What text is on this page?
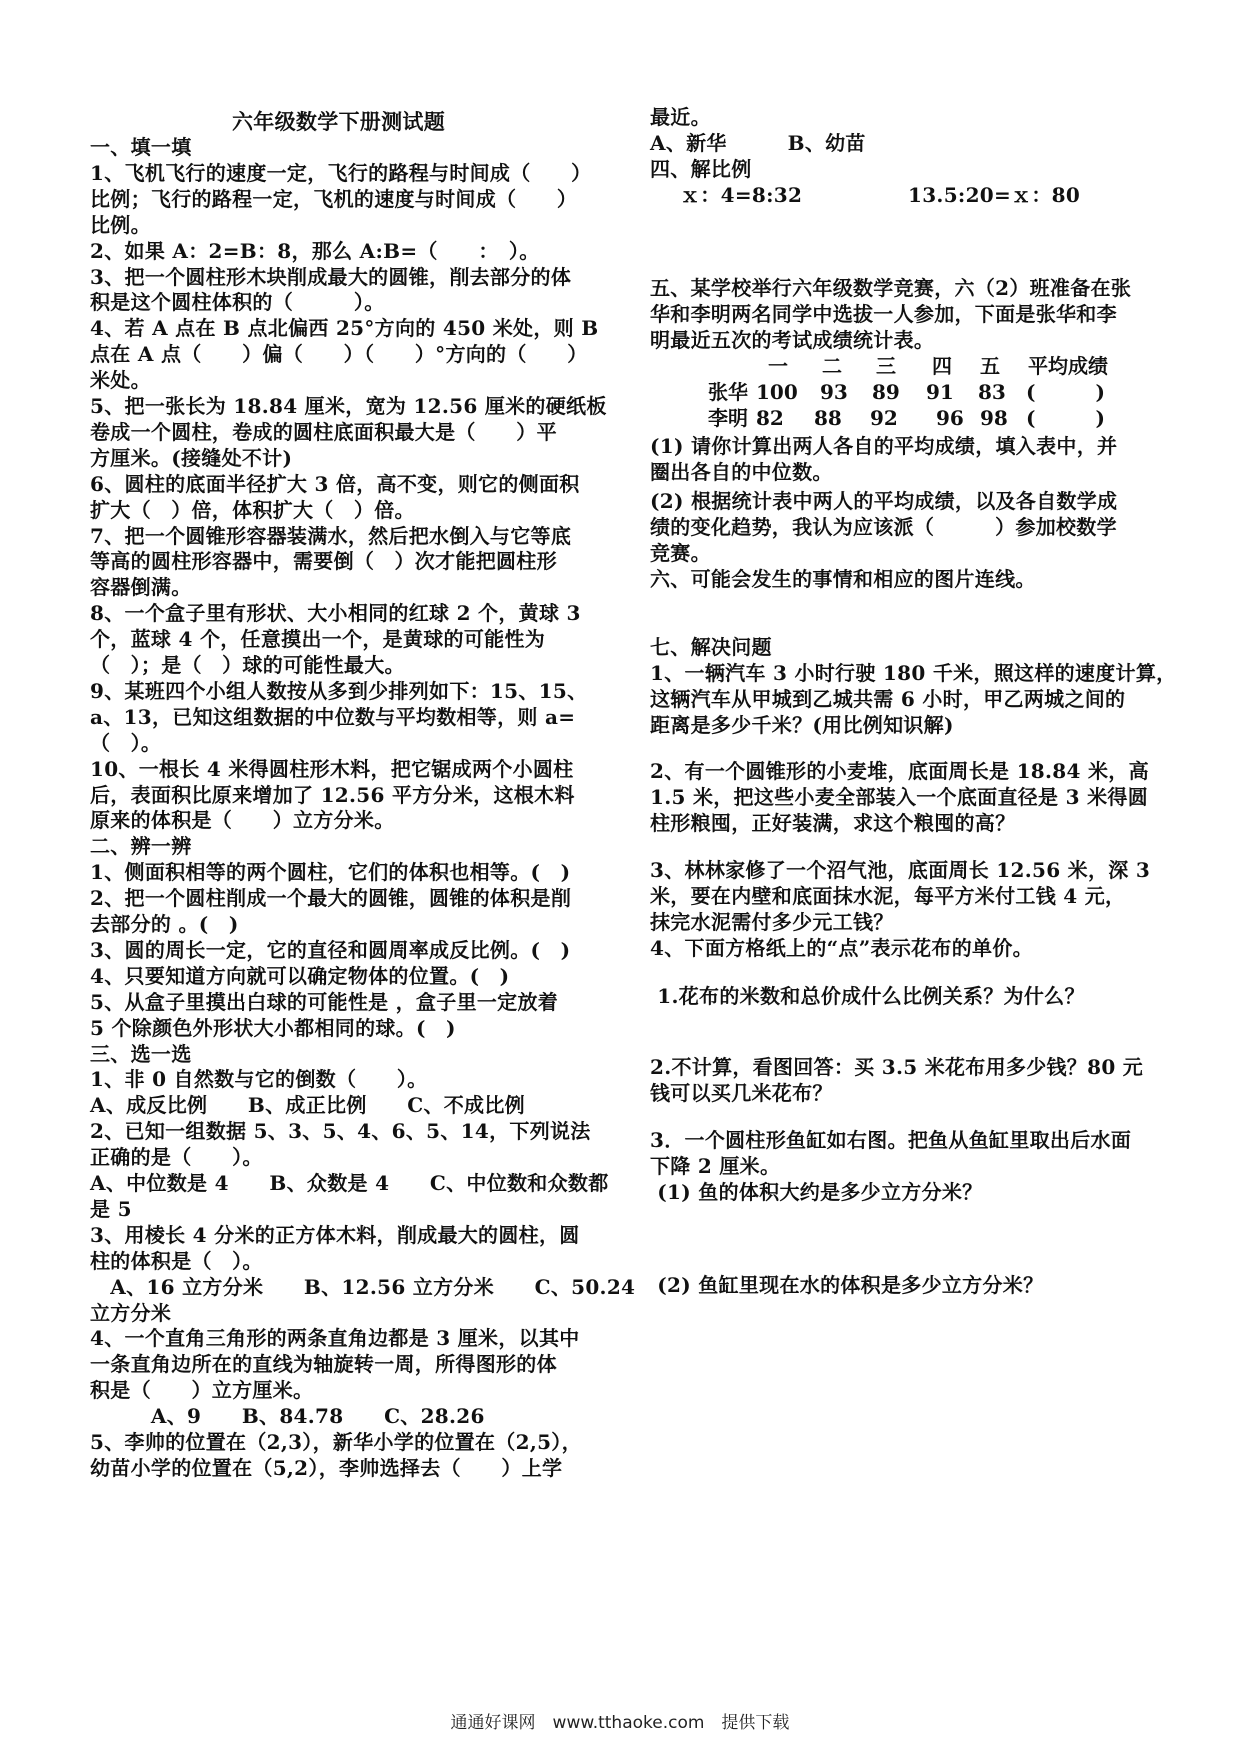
六年级数学下册测试题
一、填一填
1、飞机飞行的速度一定，飞行的路程与时间成（　　）
比例；飞行的路程一定，飞机的速度与时间成（　　）
比例。
2、如果 A：2=B：8，那么 A:B=（　　：　）。
3、把一个圆柱形木块削成最大的圆锥，削去部分的体
积是这个圆柱体积的（　　　）。
4、若 A 点在 B 点北偏西 25°方向的 450 米处，则 B
点在 A 点（　　）偏（　　）（　　）°方向的（　　）
米处。
5、把一张长为 18.84 厘米，宽为 12.56 厘米的硬纸板
卷成一个圆柱，卷成的圆柱底面积最大是（　　）平
方厘米。(接缝处不计)
6、圆柱的底面半径扩大 3 倍，高不变，则它的侧面积
扩大（　）倍，体积扩大（　）倍。
7、把一个圆锥形容器装满水，然后把水倒入与它等底
等高的圆柱形容器中，需要倒（　）次才能把圆柱形
容器倒满。
8、一个盒子里有形状、大小相同的红球 2 个，黄球 3
个，蓝球 4 个，任意摸出一个，是黄球的可能性为
（　）；是（　）球的可能性最大。
9、某班四个小组人数按从多到少排列如下：15、15、
a、13，已知这组数据的中位数与平均数相等，则 a=
（　）。
10、一根长 4 米得圆柱形木料，把它锯成两个小圆柱
后，表面积比原来增加了 12.56 平方分米，这根木料
原来的体积是（　　）立方分米。
二、辨一辨
1、侧面积相等的两个圆柱，它们的体积也相等。(　)
2、把一个圆柱削成一个最大的圆锥，圆锥的体积是削
去部分的 。(　)
3、圆的周长一定，它的直径和圆周率成反比例。(　)
4、只要知道方向就可以确定物体的位置。(　)
5、从盒子里摸出白球的可能性是 ，盒子里一定放着
5 个除颜色外形状大小都相同的球。(　)
三、选一选
1、非 0 自然数与它的倒数（　　）。
A、成反比例　　B、成正比例　　C、不成比例
2、已知一组数据 5、3、5、4、6、5、14，下列说法
正确的是（　　）。
A、中位数是 4　　B、众数是 4　　C、中位数和众数都
是 5
3、用棱长 4 分米的正方体木料，削成最大的圆柱，圆
柱的体积是（　）。
　A、16 立方分米　　B、12.56 立方分米　　C、50.24
立方分米
4、一个直角三角形的两条直角边都是 3 厘米，以其中
一条直角边所在的直线为轴旋转一周，所得图形的体
积是（　　）立方厘米。
　　　A、9　　B、84.78　　C、28.26
5、李帅的位置在（2,3），新华小学的位置在（2,5），
幼苗小学的位置在（5,2），李帅选择去（　　）上学
最近。
A、新华　　　B、幼苗
四、解比例
ｘ：4=8:32	13.5:20=ｘ：80
五、某学校举行六年级数学竞赛，六（2）班准备在张
华和李明两名同学中选拔一人参加，下面是张华和李
明最近五次的考试成绩统计表。
一 二 三 四 五 平均成绩
张华 100 93 89 91 83 (　　　)
李明 82 88 92 96 98 (　　　)
(1) 请你计算出两人各自的平均成绩，填入表中，并
圈出各自的中位数。
(2) 根据统计表中两人的平均成绩，以及各自数学成
绩的变化趋势，我认为应该派（　　　）参加校数学
竞赛。
六、可能会发生的事情和相应的图片连线。
七、解决问题
1、一辆汽车 3 小时行驶 180 千米，照这样的速度计算，
这辆汽车从甲城到乙城共需 6 小时，甲乙两城之间的
距离是多少千米？(用比例知识解)
2、有一个圆锥形的小麦堆，底面周长是 18.84 米，高
1.5 米，把这些小麦全部装入一个底面直径是 3 米得圆
柱形粮囤，正好装满，求这个粮囤的高？
3、林林家修了一个沼气池，底面周长 12.56 米，深 3
米，要在内壁和底面抹水泥，每平方米付工钱 4 元，
抹完水泥需付多少元工钱？
4、下面方格纸上的“点”表示花布的单价。
1.花布的米数和总价成什么比例关系？为什么？
2.不计算，看图回答：买 3.5 米花布用多少钱？80 元
钱可以买几米花布？
3．一个圆柱形鱼缸如右图。把鱼从鱼缸里取出后水面
下降 2 厘米。
(1) 鱼的体积大约是多少立方分米？
(2) 鱼缸里现在水的体积是多少立方分米？
通通好课网　www.tthaoke.com　提供下载
